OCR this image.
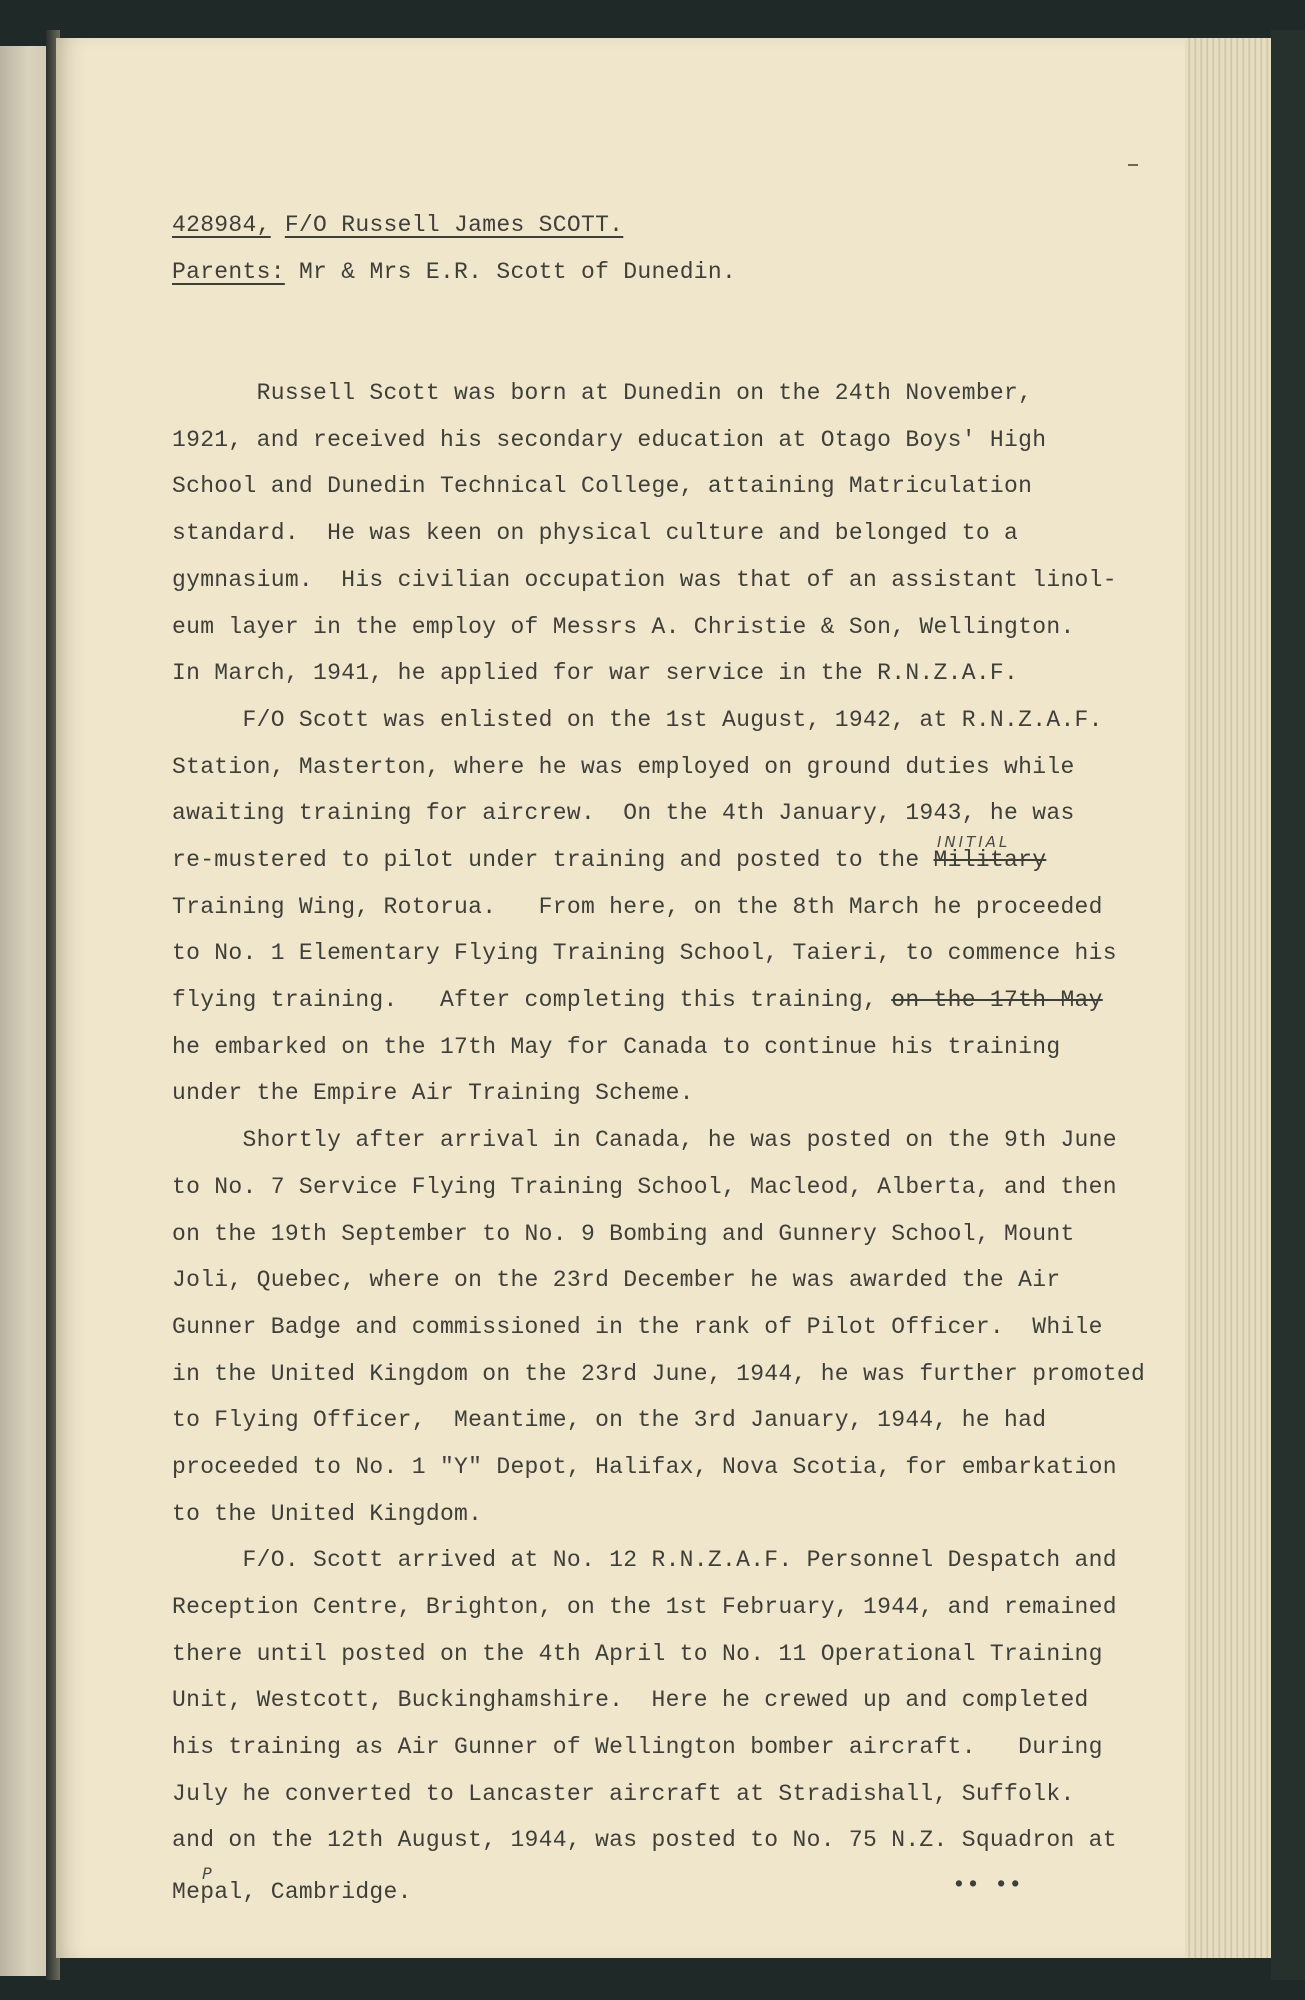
428984, F/O Russell James SCOTT.

Parents: Mr & Mrs E.R. Scott of Dunedin.

Russell Scott was born at Dunedin on the 24th November,

1921, and received his secondary education at Otago Boys' High

School and Dunedin Technical College, attaining Matriculation

standard.  He was keen on physical culture and belonged to a

gymnasium.  His civilian occupation was that of an assistant linol-

eum layer in the employ of Messrs A. Christie & Son, Wellington.

In March, 1941, he applied for war service in the R.N.Z.A.F.

F/O Scott was enlisted on the 1st August, 1942, at R.N.Z.A.F.

Station, Masterton, where he was employed on ground duties while

awaiting training for aircrew.  On the 4th January, 1943, he was

re-mustered to pilot under training and posted to the Military

INITIAL

Training Wing, Rotorua.   From here, on the 8th March he proceeded

to No. 1 Elementary Flying Training School, Taieri, to commence his

flying training.   After completing this training, on the 17th May

he embarked on the 17th May for Canada to continue his training

under the Empire Air Training Scheme.

Shortly after arrival in Canada, he was posted on the 9th June

to No. 7 Service Flying Training School, Macleod, Alberta, and then

on the 19th September to No. 9 Bombing and Gunnery School, Mount

Joli, Quebec, where on the 23rd December he was awarded the Air

Gunner Badge and commissioned in the rank of Pilot Officer.  While

in the United Kingdom on the 23rd June, 1944, he was further promoted

to Flying Officer,  Meantime, on the 3rd January, 1944, he had

proceeded to No. 1 "Y" Depot, Halifax, Nova Scotia, for embarkation

to the United Kingdom.

F/O. Scott arrived at No. 12 R.N.Z.A.F. Personnel Despatch and

Reception Centre, Brighton, on the 1st February, 1944, and remained

there until posted on the 4th April to No. 11 Operational Training

Unit, Westcott, Buckinghamshire.  Here he crewed up and completed

his training as Air Gunner of Wellington bomber aircraft.   During

July he converted to Lancaster aircraft at Stradishall, Suffolk.

and on the 12th August, 1944, was posted to No. 75 N.Z. Squadron at

P

Mepal, Cambridge.

	•• ••
